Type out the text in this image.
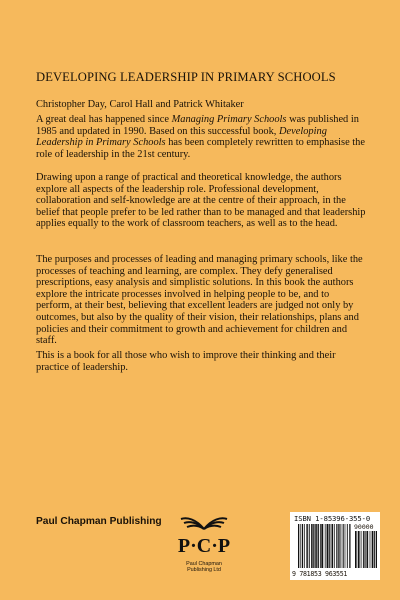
DEVELOPING LEADERSHIP IN PRIMARY SCHOOLS
Christopher Day, Carol Hall and Patrick Whitaker

A great deal has happened since Managing Primary Schools was published in 1985 and updated in 1990. Based on this successful book, Developing Leadership in Primary Schools has been completely rewritten to emphasise the role of leadership in the 21st century.

Drawing upon a range of practical and theoretical knowledge, the authors explore all aspects of the leadership role. Professional development, collaboration and self-knowledge are at the centre of their approach, in the belief that people prefer to be led rather than to be managed and that leadership applies equally to the work of classroom teachers, as well as to the head.

The purposes and processes of leading and managing primary schools, like the processes of teaching and learning, are complex. They defy generalised prescriptions, easy analysis and simplistic solutions. In this book the authors explore the intricate processes involved in helping people to be, and to perform, at their best, believing that excellent leaders are judged not only by outcomes, but also by the quality of their vision, their relationships, plans and policies and their commitment to growth and achievement for children and staff.

This is a book for all those who wish to improve their thinking and their practice of leadership.

Paul Chapman Publishing
P·C·P
Paul Chapman
Publishing Ltd
ISBN 1-85396-355-0
90000
9 781853 963551
